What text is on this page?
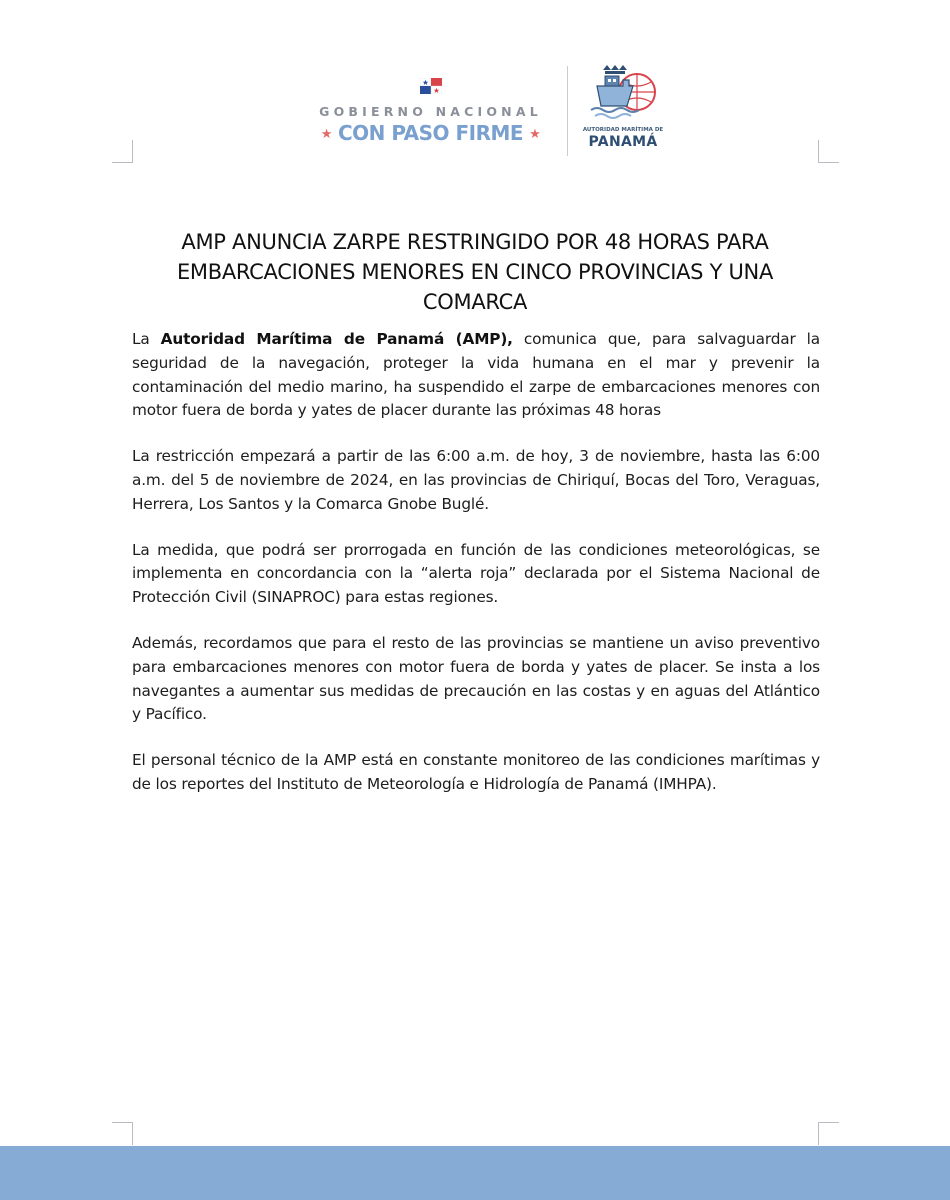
GOBIERNO NACIONAL
★ CON PASO FIRME ★	AUTORIDAD MARÍTIMA DE
PANAMÁ
AMP ANUNCIA ZARPE RESTRINGIDO POR 48 HORAS PARA EMBARCACIONES MENORES EN CINCO PROVINCIAS Y UNA COMARCA

La Autoridad Marítima de Panamá (AMP), comunica que, para salvaguardar la seguridad de la navegación, proteger la vida humana en el mar y prevenir la contaminación del medio marino, ha suspendido el zarpe de embarcaciones menores con motor fuera de borda y yates de placer durante las próximas 48 horas

La restricción empezará a partir de las 6:00 a.m. de hoy, 3 de noviembre, hasta las 6:00 a.m. del 5 de noviembre de 2024, en las provincias de Chiriquí, Bocas del Toro, Veraguas, Herrera, Los Santos y la Comarca Gnobe Buglé.

La medida, que podrá ser prorrogada en función de las condiciones meteorológicas, se implementa en concordancia con la “alerta roja” declarada por el Sistema Nacional de Protección Civil (SINAPROC) para estas regiones.

Además, recordamos que para el resto de las provincias se mantiene un aviso preventivo para embarcaciones menores con motor fuera de borda y yates de placer. Se insta a los navegantes a aumentar sus medidas de precaución en las costas y en aguas del Atlántico y Pacífico.

El personal técnico de la AMP está en constante monitoreo de las condiciones marítimas y de los reportes del Instituto de Meteorología e Hidrología de Panamá (IMHPA).
